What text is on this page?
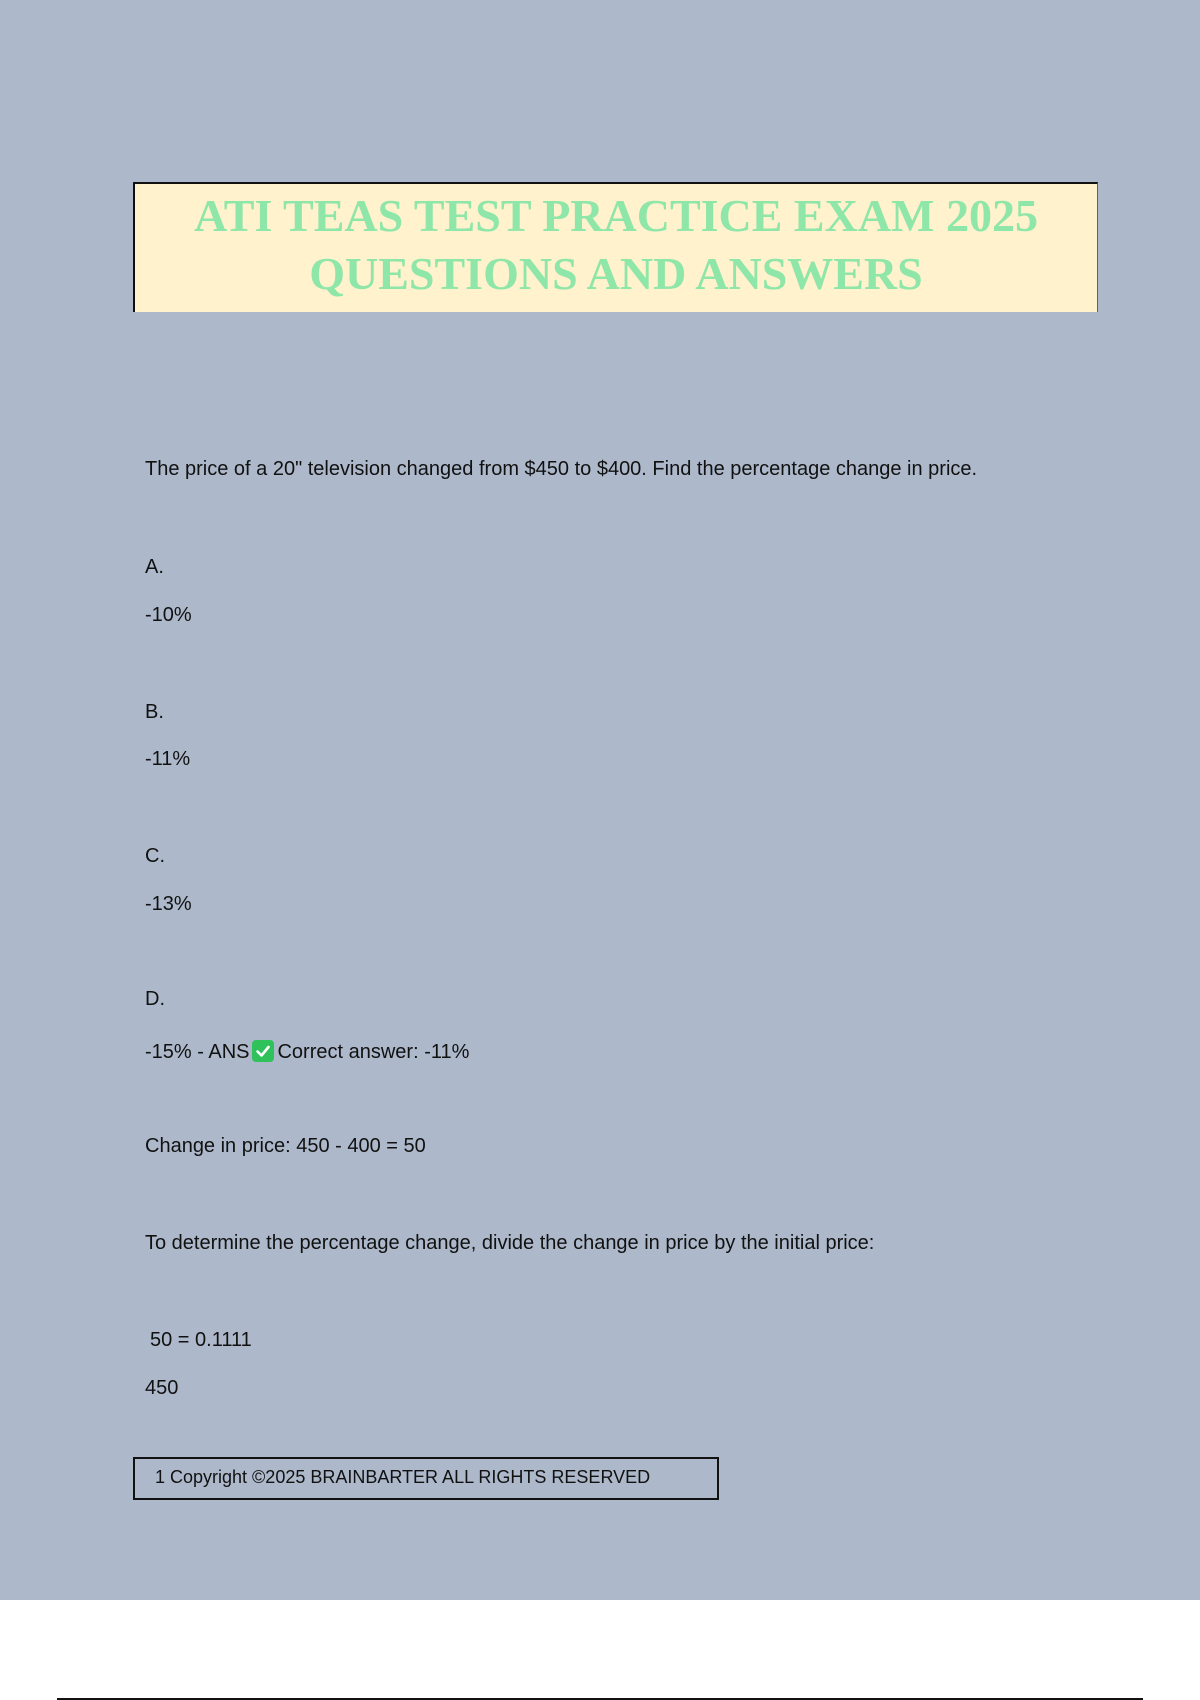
ATI TEAS TEST PRACTICE EXAM 2025
QUESTIONS AND ANSWERS
The price of a 20" television changed from $450 to $400. Find the percentage change in price.
A.
-10%
B.
-11%
C.
-13%
D.
-15% - ANS Correct answer: -11%
Change in price: 450 - 400 = 50
To determine the percentage change, divide the change in price by the initial price:
50 = 0.1111
450
1 Copyright ©2025 BRAINBARTER ALL RIGHTS RESERVED
